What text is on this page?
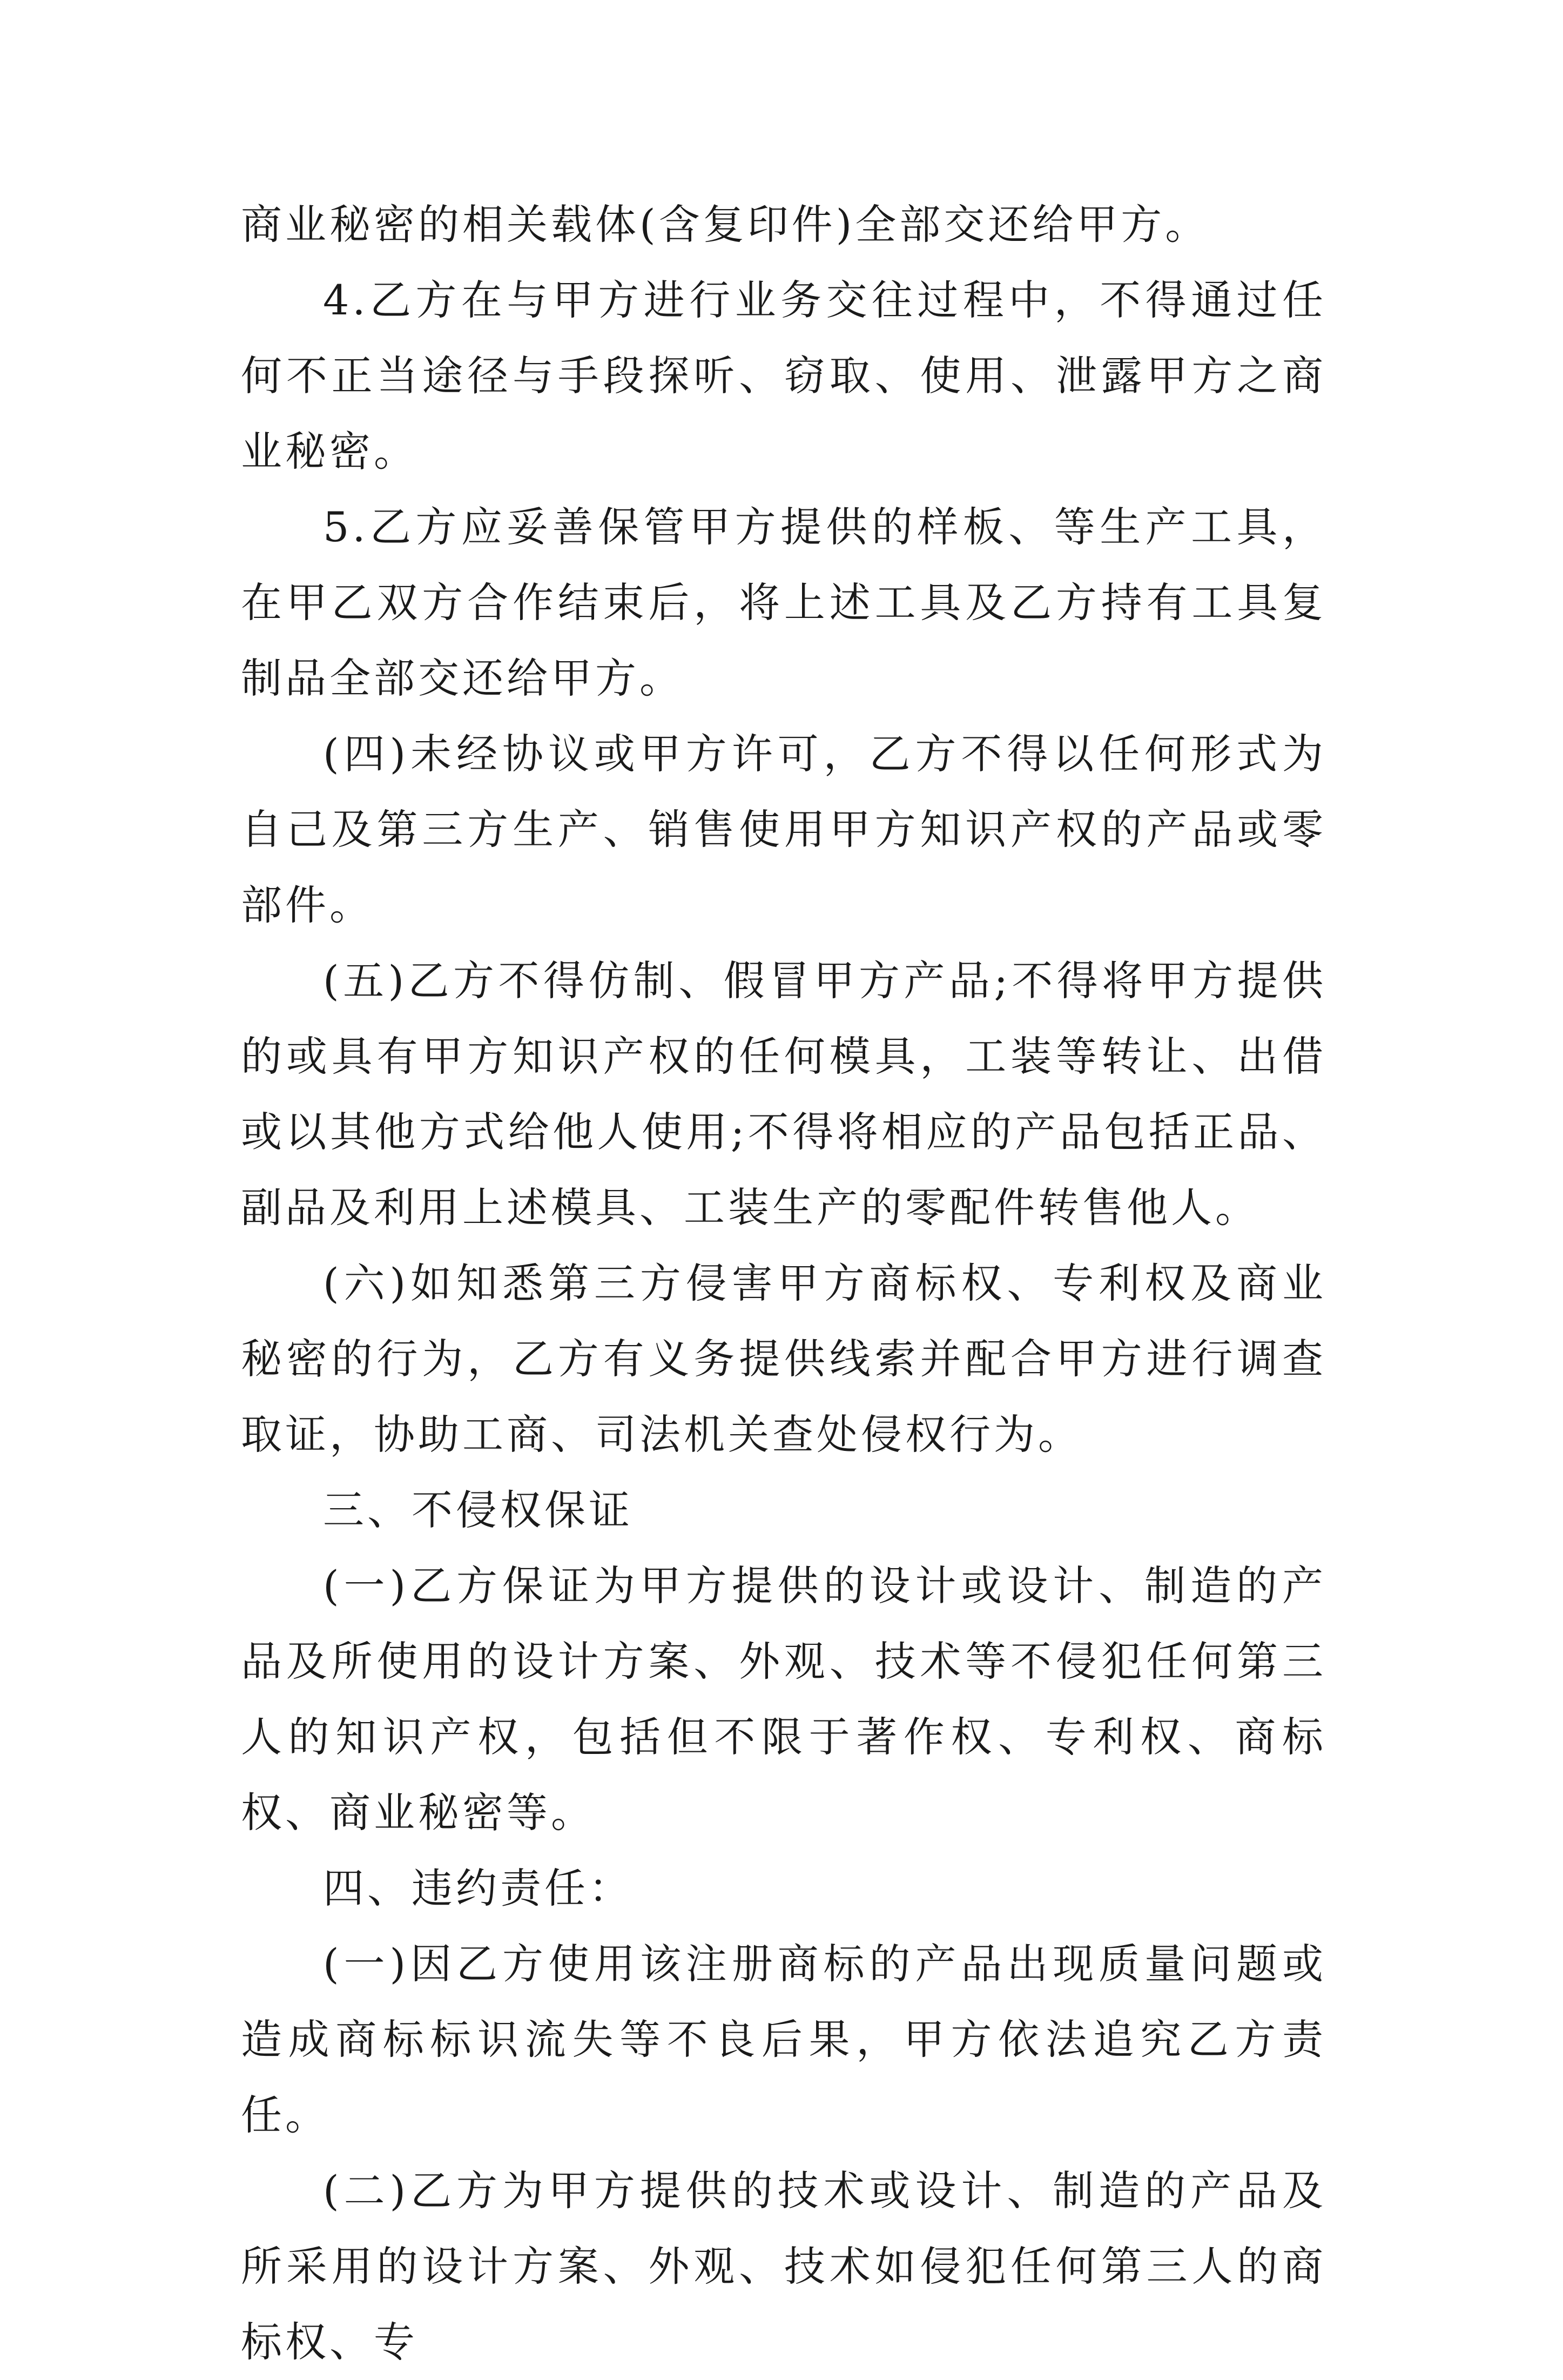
商业秘密的相关载体(含复印件)全部交还给甲方。

4.乙方在与甲方进行业务交往过程中，不得通过任何不正当途径与手段探听、窃取、使用、泄露甲方之商业秘密。

5.乙方应妥善保管甲方提供的样板、等生产工具，在甲乙双方合作结束后，将上述工具及乙方持有工具复制品全部交还给甲方。

(四)未经协议或甲方许可，乙方不得以任何形式为自己及第三方生产、销售使用甲方知识产权的产品或零部件。

(五)乙方不得仿制、假冒甲方产品;不得将甲方提供的或具有甲方知识产权的任何模具，工装等转让、出借或以其他方式给他人使用;不得将相应的产品包括正品、副品及利用上述模具、工装生产的零配件转售他人。

(六)如知悉第三方侵害甲方商标权、专利权及商业秘密的行为，乙方有义务提供线索并配合甲方进行调查取证，协助工商、司法机关查处侵权行为。

三、不侵权保证

(一)乙方保证为甲方提供的设计或设计、制造的产品及所使用的设计方案、外观、技术等不侵犯任何第三人的知识产权，包括但不限于著作权、专利权、商标权、商业秘密等。

四、违约责任：

(一)因乙方使用该注册商标的产品出现质量问题或造成商标标识流失等不良后果，甲方依法追究乙方责任。

(二)乙方为甲方提供的技术或设计、制造的产品及所采用的设计方案、外观、技术如侵犯任何第三人的商标权、专
